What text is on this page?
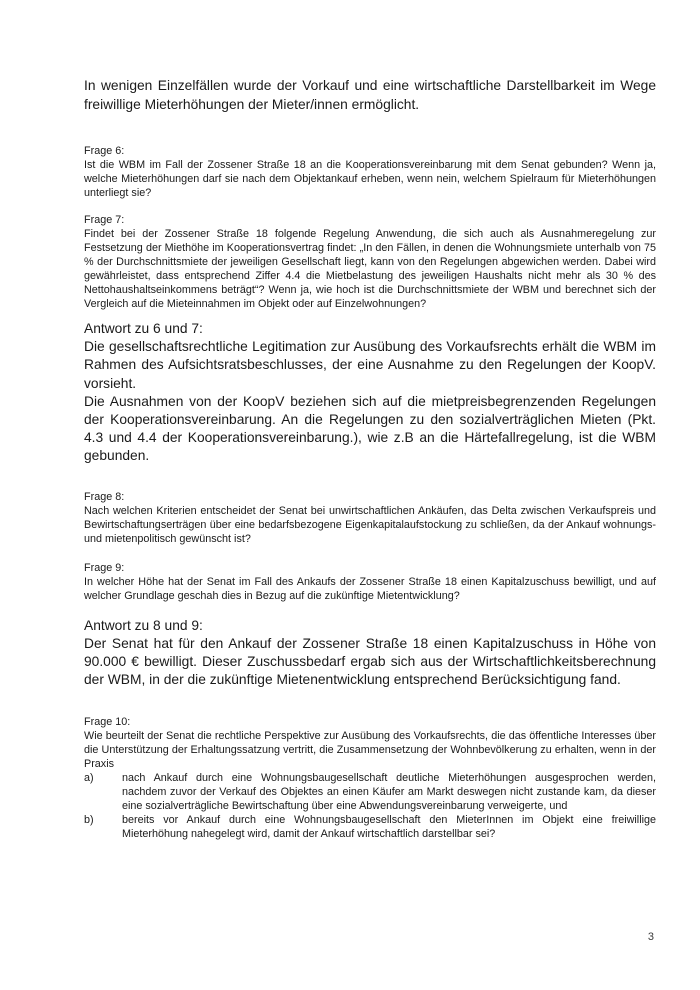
In wenigen Einzelfällen wurde der Vorkauf und eine wirtschaftliche Darstellbarkeit im Wege freiwillige Mieterhöhungen der Mieter/innen ermöglicht.

Frage 6:

Ist die WBM im Fall der Zossener Straße 18 an die Kooperationsvereinbarung mit dem Senat gebunden? Wenn ja, welche Mieterhöhungen darf sie nach dem Objektankauf erheben, wenn nein, welchem Spielraum für Mieterhöhungen unterliegt sie?

Frage 7:

Findet bei der Zossener Straße 18 folgende Regelung Anwendung, die sich auch als Ausnahmeregelung zur Festsetzung der Miethöhe im Kooperationsvertrag findet: „In den Fällen, in denen die Wohnungsmiete unterhalb von 75 % der Durchschnittsmiete der jeweiligen Gesellschaft liegt, kann von den Regelungen abgewichen werden. Dabei wird gewährleistet, dass entsprechend Ziffer 4.4 die Mietbelastung des jeweiligen Haushalts nicht mehr als 30 % des Nettohaushaltseinkommens beträgt“? Wenn ja, wie hoch ist die Durchschnittsmiete der WBM und berechnet sich der Vergleich auf die Mieteinnahmen im Objekt oder auf Einzelwohnungen?

Antwort zu 6 und 7:

Die gesellschaftsrechtliche Legitimation zur Ausübung des Vorkaufsrechts erhält die WBM im Rahmen des Aufsichtsratsbeschlusses, der eine Ausnahme zu den Regelungen der KoopV. vorsieht.

Die Ausnahmen von der KoopV beziehen sich auf die mietpreisbegrenzenden Regelungen der Kooperationsvereinbarung. An die Regelungen zu den sozialverträglichen Mieten (Pkt. 4.3 und 4.4 der Kooperationsvereinbarung.), wie z.B an die Härtefallregelung, ist die WBM gebunden.

Frage 8:

Nach welchen Kriterien entscheidet der Senat bei unwirtschaftlichen Ankäufen, das Delta zwischen Verkaufspreis und Bewirtschaftungserträgen über eine bedarfsbezogene Eigenkapitalaufstockung zu schließen, da der Ankauf wohnungs- und mietenpolitisch gewünscht ist?

Frage 9:

In welcher Höhe hat der Senat im Fall des Ankaufs der Zossener Straße 18 einen Kapitalzuschuss bewilligt, und auf welcher Grundlage geschah dies in Bezug auf die zukünftige Mietentwicklung?

Antwort zu 8 und 9:

Der Senat hat für den Ankauf der Zossener Straße 18 einen Kapitalzuschuss in Höhe von 90.000 € bewilligt. Dieser Zuschussbedarf ergab sich aus der Wirtschaftlichkeitsberechnung der WBM, in der die zukünftige Mietenentwicklung entsprechend Berücksichtigung fand.

Frage 10:

Wie beurteilt der Senat die rechtliche Perspektive zur Ausübung des Vorkaufsrechts, die das öffentliche Interesses über die Unterstützung der Erhaltungssatzung vertritt, die Zusammensetzung der Wohnbevölkerung zu erhalten, wenn in der Praxis

a)	nach Ankauf durch eine Wohnungsbaugesellschaft deutliche Mieterhöhungen ausgesprochen werden, nachdem zuvor der Verkauf des Objektes an einen Käufer am Markt deswegen nicht zustande kam, da dieser eine sozialverträgliche Bewirtschaftung über eine Abwendungsvereinbarung verweigerte, und
b)	bereits vor Ankauf durch eine Wohnungsbaugesellschaft den MieterInnen im Objekt eine freiwillige Mieterhöhung nahegelegt wird, damit der Ankauf wirtschaftlich darstellbar sei?
3
